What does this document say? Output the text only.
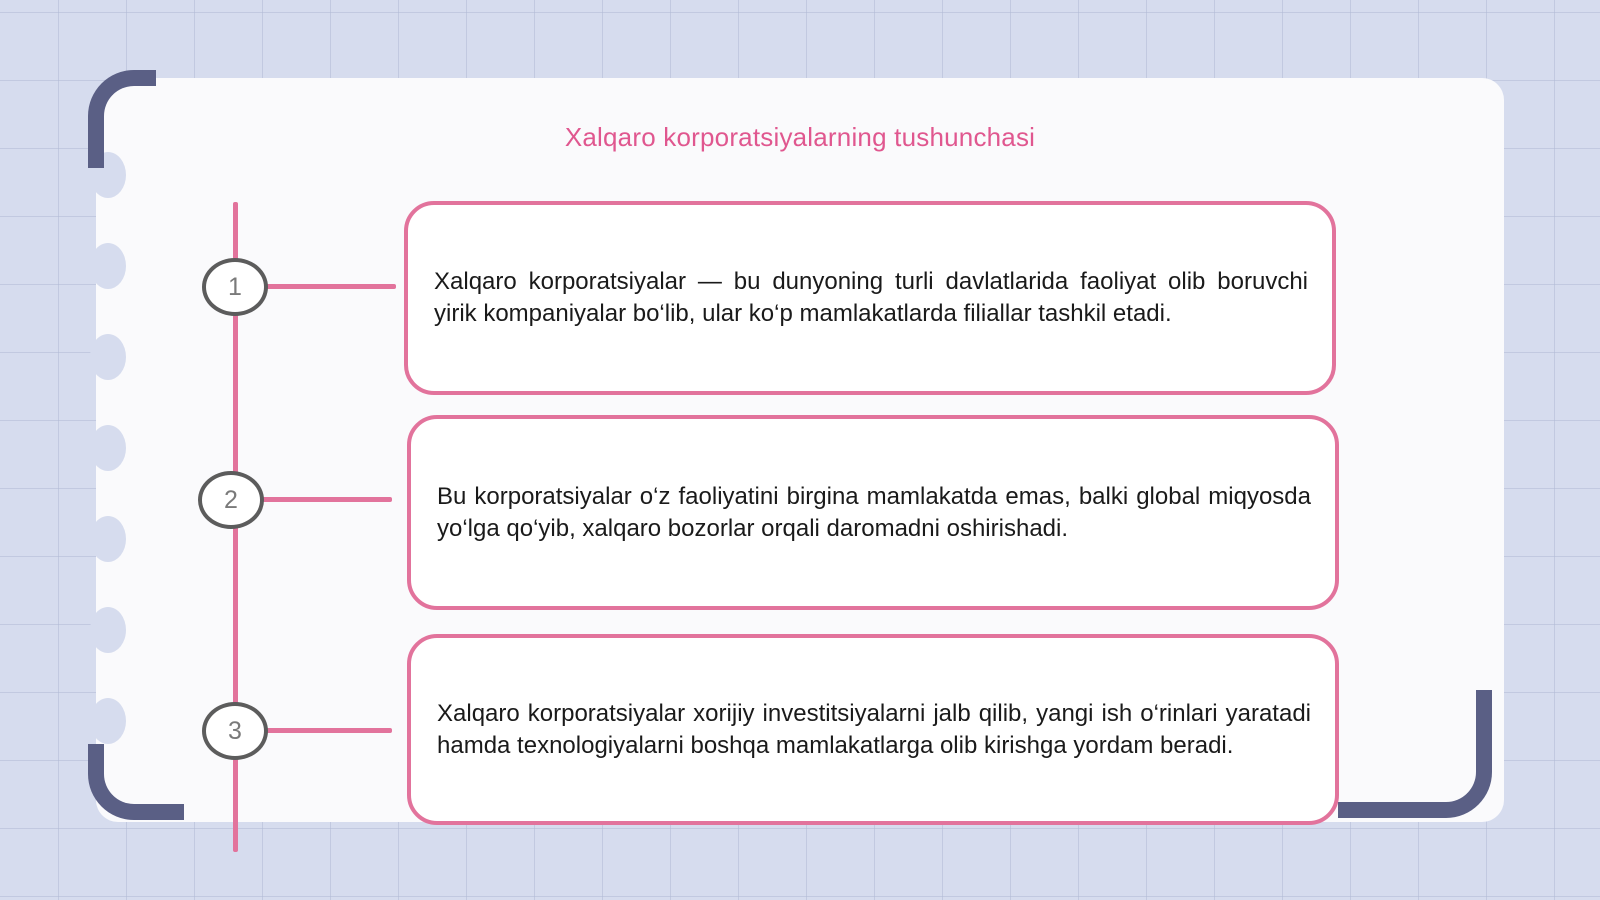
Xalqaro korporatsiyalarning tushunchasi
1	Xalqaro korporatsiyalar — bu dunyoning turli davlatlarida faoliyat olib boruvchi yirik kompaniyalar bo‘lib, ular ko‘p mamlakatlarda filiallar tashkil etadi.

2	Bu korporatsiyalar o‘z faoliyatini birgina mamlakatda emas, balki global miqyosda yo‘lga qo‘yib, xalqaro bozorlar orqali daromadni oshirishadi.

3

Xalqaro korporatsiyalar xorijiy investitsiyalarni jalb qilib, yangi ish o‘rinlari yaratadi hamda texnologiyalarni boshqa mamlakatlarga olib kirishga yordam beradi.
